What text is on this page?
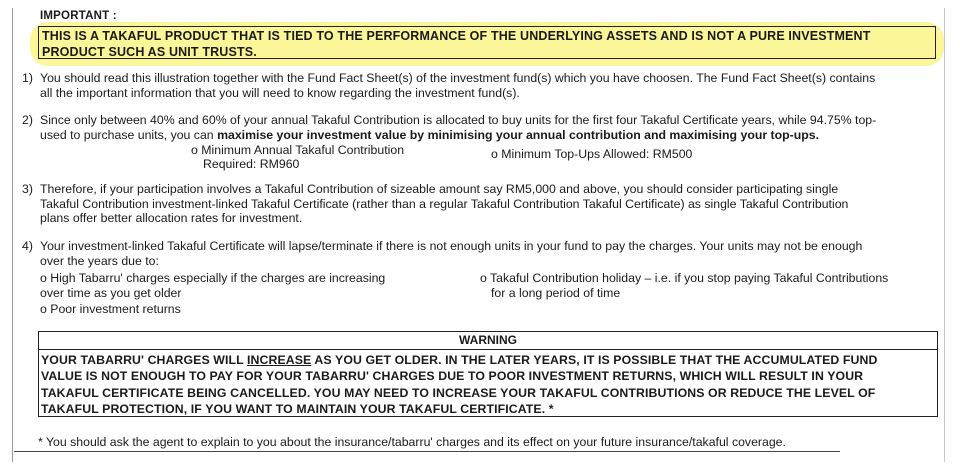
IMPORTANT :
THIS IS A TAKAFUL PRODUCT THAT IS TIED TO THE PERFORMANCE OF THE UNDERLYING ASSETS AND IS NOT A PURE INVESTMENT
PRODUCT SUCH AS UNIT TRUSTS.
1) You should read this illustration together with the Fund Fact Sheet(s) of the investment fund(s) which you have choosen. The Fund Fact Sheet(s) contains
all the important information that you will need to know regarding the investment fund(s).
2) Since only between 40% and 60% of your annual Takaful Contribution is allocated to buy units for the first four Takaful Certificate years, while 94.75% top-
used to purchase units, you can maximise your investment value by minimising your annual contribution and maximising your top-ups.
o Minimum Annual Takaful Contribution
Required: RM960
o Minimum Top-Ups Allowed: RM500
3) Therefore, if your participation involves a Takaful Contribution of sizeable amount say RM5,000 and above, you should consider participating single
Takaful Contribution investment-linked Takaful Certificate (rather than a regular Takaful Contribution Takaful Certificate) as single Takaful Contribution
plans offer better allocation rates for investment.
4) Your investment-linked Takaful Certificate will lapse/terminate if there is not enough units in your fund to pay the charges. Your units may not be enough
over the years due to:
o High Tabarru' charges especially if the charges are increasing
over time as you get older
o Poor investment returns
o Takaful Contribution holiday – i.e. if you stop paying Takaful Contributions
for a long period of time
WARNING
YOUR TABARRU' CHARGES WILL INCREASE AS YOU GET OLDER. IN THE LATER YEARS, IT IS POSSIBLE THAT THE ACCUMULATED FUND
VALUE IS NOT ENOUGH TO PAY FOR YOUR TABARRU' CHARGES DUE TO POOR INVESTMENT RETURNS, WHICH WILL RESULT IN YOUR
TAKAFUL CERTIFICATE BEING CANCELLED. YOU MAY NEED TO INCREASE YOUR TAKAFUL CONTRIBUTIONS OR REDUCE THE LEVEL OF
TAKAFUL PROTECTION, IF YOU WANT TO MAINTAIN YOUR TAKAFUL CERTIFICATE. *
* You should ask the agent to explain to you about the insurance/tabarru' charges and its effect on your future insurance/takaful coverage.
